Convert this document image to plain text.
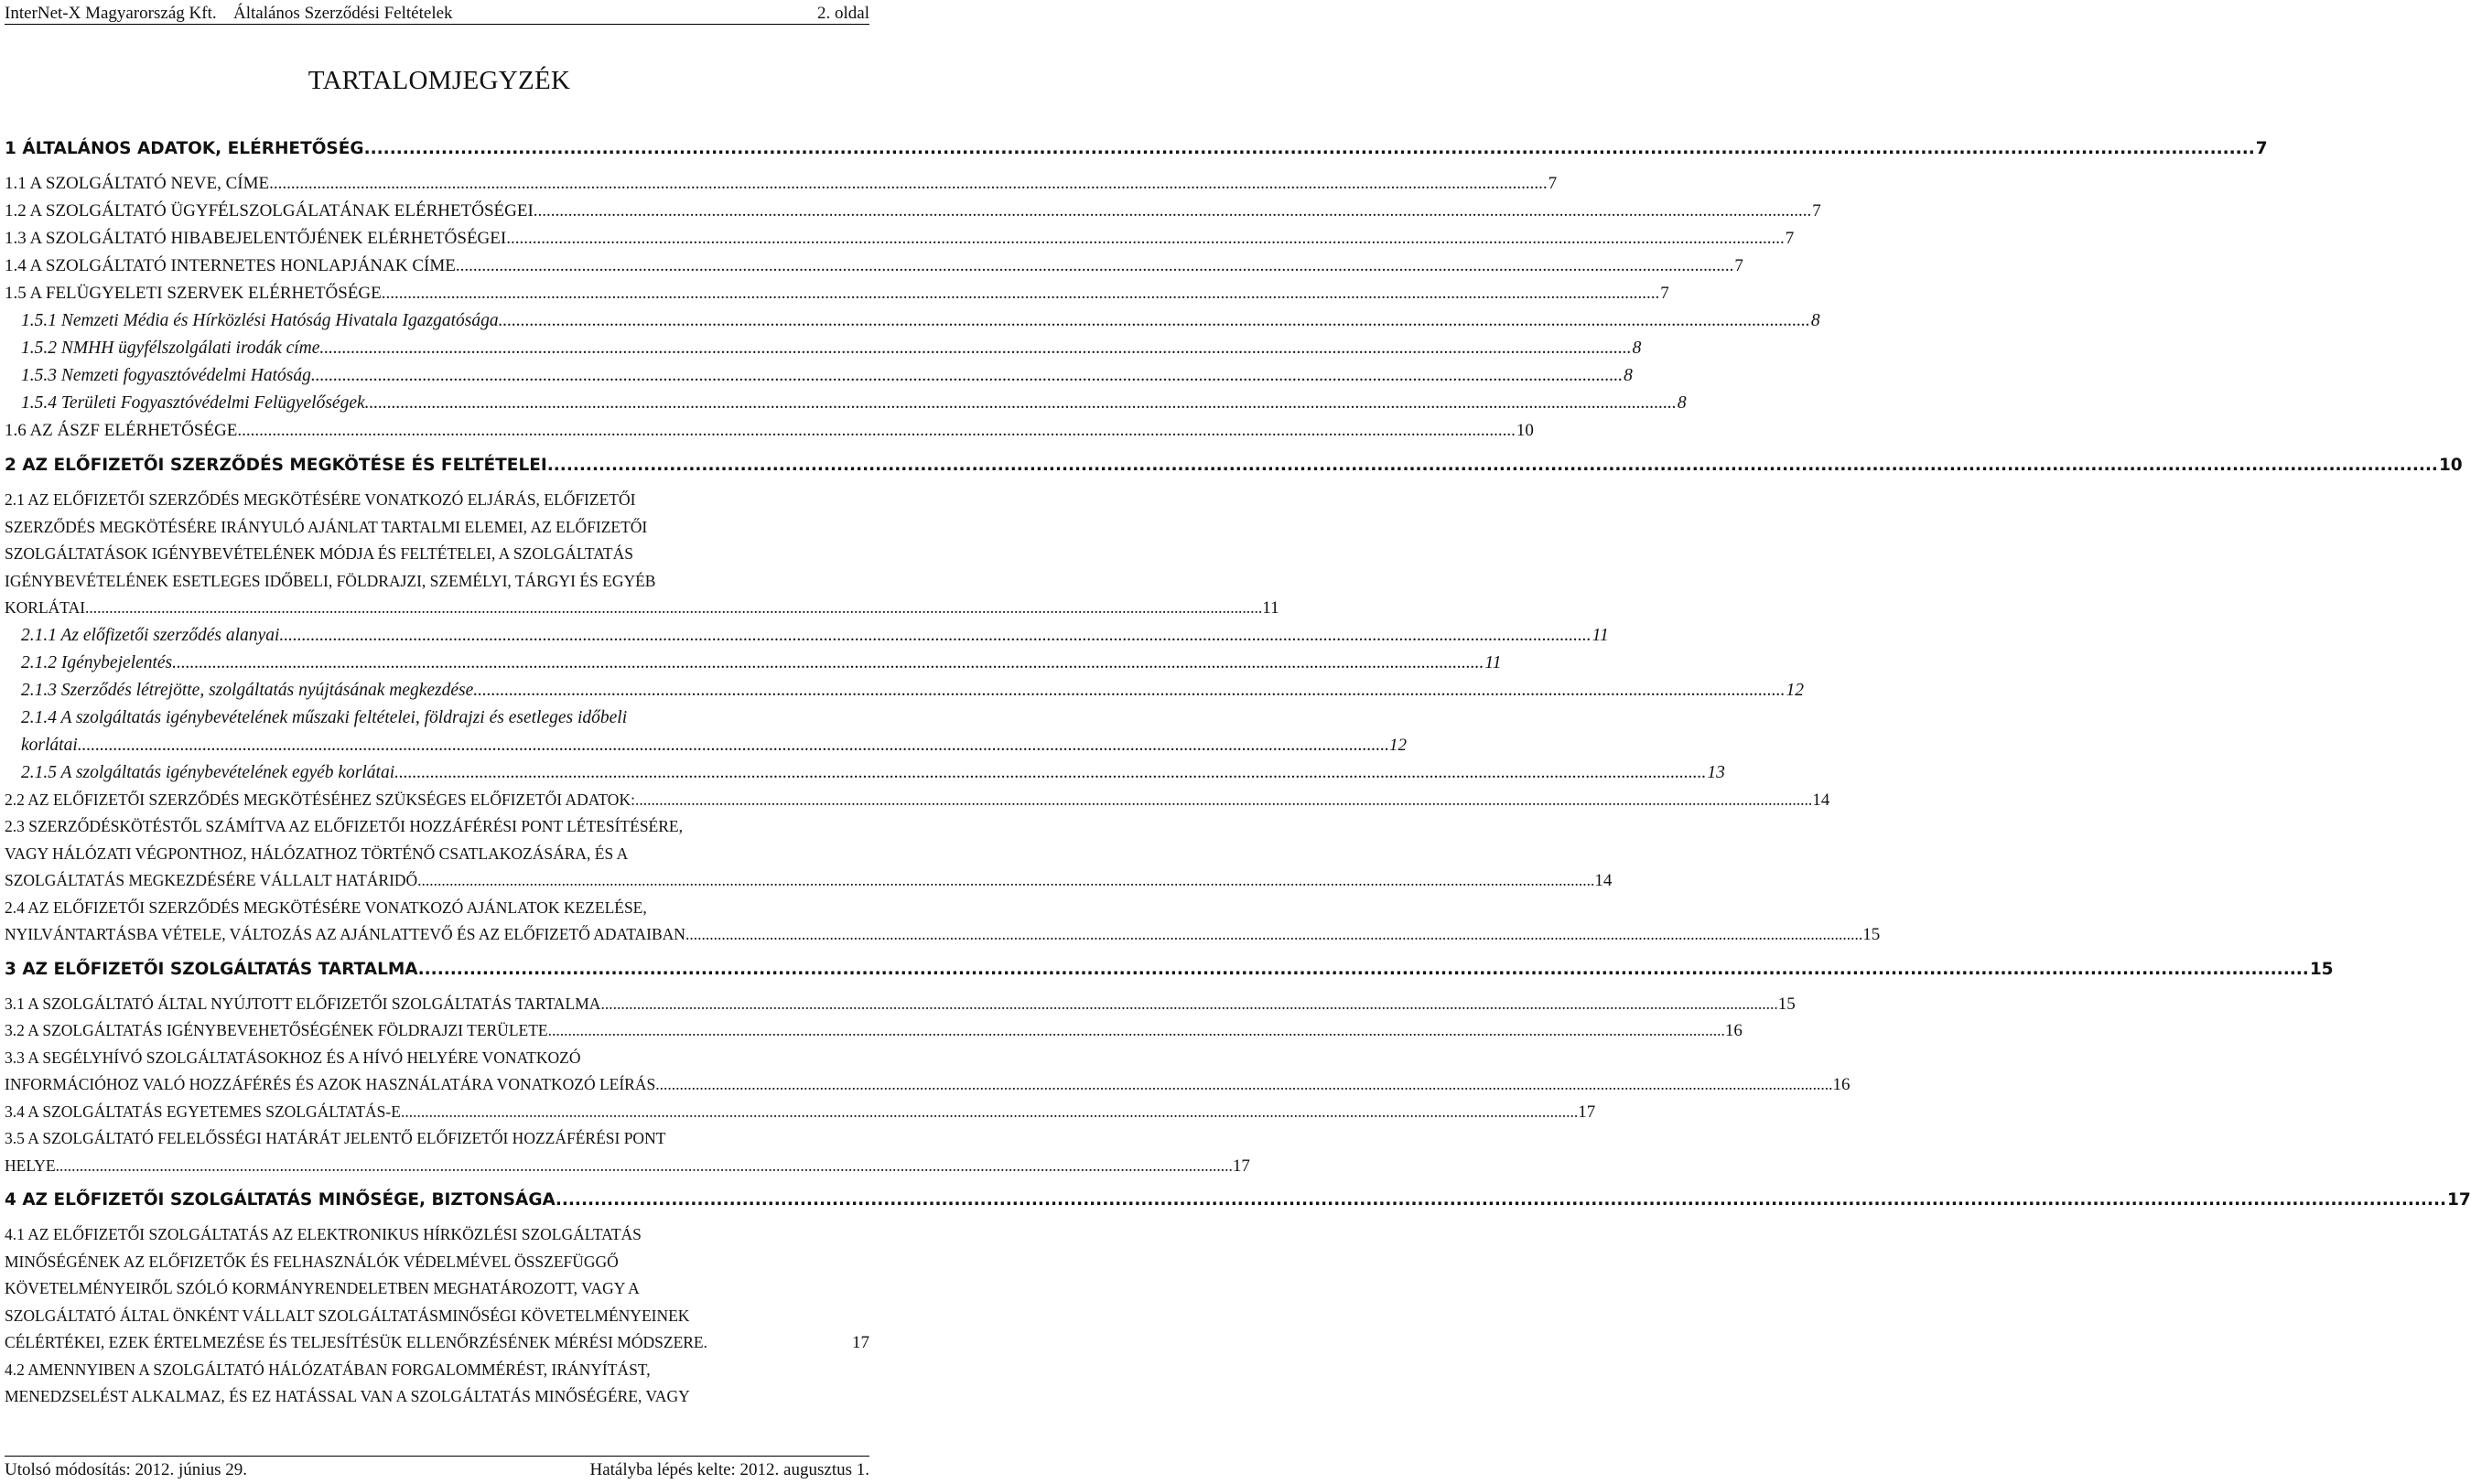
InterNet-X Magyarország Kft. Általános Szerződési Feltételek	2. oldal
TARTALOMJEGYZÉK
1 ÁLTALÁNOS ADATOK, ELÉRHETŐSÉG .....	7
1.1 A SZOLGÁLTATÓ NEVE, CÍME .....	7
1.2 A SZOLGÁLTATÓ ÜGYFÉLSZOLGÁLATÁNAK ELÉRHETŐSÉGEI .....	7
1.3 A SZOLGÁLTATÓ HIBABEJELENTŐJÉNEK ELÉRHETŐSÉGEI .....	7
1.4 A SZOLGÁLTATÓ INTERNETES HONLAPJÁNAK CÍME .....	7
1.5 A FELÜGYELETI SZERVEK ELÉRHETŐSÉGE .....	7
1.5.1 Nemzeti Média és Hírközlési Hatóság Hivatala Igazgatósága .....	8
1.5.2 NMHH ügyfélszolgálati irodák címe .....	8
1.5.3 Nemzeti fogyasztóvédelmi Hatóság .....	8
1.5.4 Területi Fogyasztóvédelmi Felügyelőségek .....	8
1.6 AZ ÁSZF ELÉRHETŐSÉGE .....	10
2 AZ ELŐFIZETŐI SZERZŐDÉS MEGKÖTÉSE ÉS FELTÉTELEI .....	10
2.1 AZ ELŐFIZETŐI SZERZŐDÉS MEGKÖTÉSÉRE VONATKOZÓ ELJÁRÁS, ELŐFIZETŐI
SZERZŐDÉS MEGKÖTÉSÉRE IRÁNYULÓ AJÁNLAT TARTALMI ELEMEI, AZ ELŐFIZETŐI
SZOLGÁLTATÁSOK IGÉNYBEVÉTELÉNEK MÓDJA ÉS FELTÉTELEI, A SZOLGÁLTATÁS
IGÉNYBEVÉTELÉNEK ESETLEGES IDŐBELI, FÖLDRAJZI, SZEMÉLYI, TÁRGYI ÉS EGYÉB
KORLÁTAI .....	11
2.1.1 Az előfizetői szerződés alanyai .....	11
2.1.2 Igénybejelentés .....	11
2.1.3 Szerződés létrejötte, szolgáltatás nyújtásának megkezdése .....	12
2.1.4 A szolgáltatás igénybevételének műszaki feltételei, földrajzi és esetleges időbeli
korlátai .....	12
2.1.5 A szolgáltatás igénybevételének egyéb korlátai .....	13
2.2 AZ ELŐFIZETŐI SZERZŐDÉS MEGKÖTÉSÉHEZ SZÜKSÉGES ELŐFIZETŐI ADATOK: .....	14
2.3 SZERZŐDÉSKÖTÉSTŐL SZÁMÍTVA AZ ELŐFIZETŐI HOZZÁFÉRÉSI PONT LÉTESÍTÉSÉRE,
VAGY HÁLÓZATI VÉGPONTHOZ, HÁLÓZATHOZ TÖRTÉNŐ CSATLAKOZÁSÁRA, ÉS A
SZOLGÁLTATÁS MEGKEZDÉSÉRE VÁLLALT HATÁRIDŐ .....	14
2.4 AZ ELŐFIZETŐI SZERZŐDÉS MEGKÖTÉSÉRE VONATKOZÓ AJÁNLATOK KEZELÉSE,
NYILVÁNTARTÁSBA VÉTELE, VÁLTOZÁS AZ AJÁNLATTEVŐ ÉS AZ ELŐFIZETŐ ADATAIBAN .....	15
3 AZ ELŐFIZETŐI SZOLGÁLTATÁS TARTALMA .....	15
3.1 A SZOLGÁLTATÓ ÁLTAL NYÚJTOTT ELŐFIZETŐI SZOLGÁLTATÁS TARTALMA .....	15
3.2 A SZOLGÁLTATÁS IGÉNYBEVEHETŐSÉGÉNEK FÖLDRAJZI TERÜLETE .....	16
3.3 A SEGÉLYHÍVÓ SZOLGÁLTATÁSOKHOZ ÉS A HÍVÓ HELYÉRE VONATKOZÓ
INFORMÁCIÓHOZ VALÓ HOZZÁFÉRÉS ÉS AZOK HASZNÁLATÁRA VONATKOZÓ LEÍRÁS .....	16
3.4 A SZOLGÁLTATÁS EGYETEMES SZOLGÁLTATÁS-E .....	17
3.5 A SZOLGÁLTATÓ FELELŐSSÉGI HATÁRÁT JELENTŐ ELŐFIZETŐI HOZZÁFÉRÉSI PONT
HELYE .....	17
4 AZ ELŐFIZETŐI SZOLGÁLTATÁS MINŐSÉGE, BIZTONSÁGA .....	17
4.1 AZ ELŐFIZETŐI SZOLGÁLTATÁS AZ ELEKTRONIKUS HÍRKÖZLÉSI SZOLGÁLTATÁS
MINŐSÉGÉNEK AZ ELŐFIZETŐK ÉS FELHASZNÁLÓK VÉDELMÉVEL ÖSSZEFÜGGŐ
KÖVETELMÉNYEIRŐL SZÓLÓ KORMÁNYRENDELETBEN MEGHATÁROZOTT, VAGY A
SZOLGÁLTATÓ ÁLTAL ÖNKÉNT VÁLLALT SZOLGÁLTATÁSMINŐSÉGI KÖVETELMÉNYEINEK
CÉLÉRTÉKEI, EZEK ÉRTELMEZÉSE ÉS TELJESÍTÉSÜK ELLENŐRZÉSÉNEK MÉRÉSI MÓDSZERE.	17
4.2 AMENNYIBEN A SZOLGÁLTATÓ HÁLÓZATÁBAN FORGALOMMÉRÉST, IRÁNYÍTÁST,
MENEDZSELÉST ALKALMAZ, ÉS EZ HATÁSSAL VAN A SZOLGÁLTATÁS MINŐSÉGÉRE, VAGY
Utolsó módosítás: 2012. június 29.	Hatályba lépés kelte: 2012. augusztus 1.
